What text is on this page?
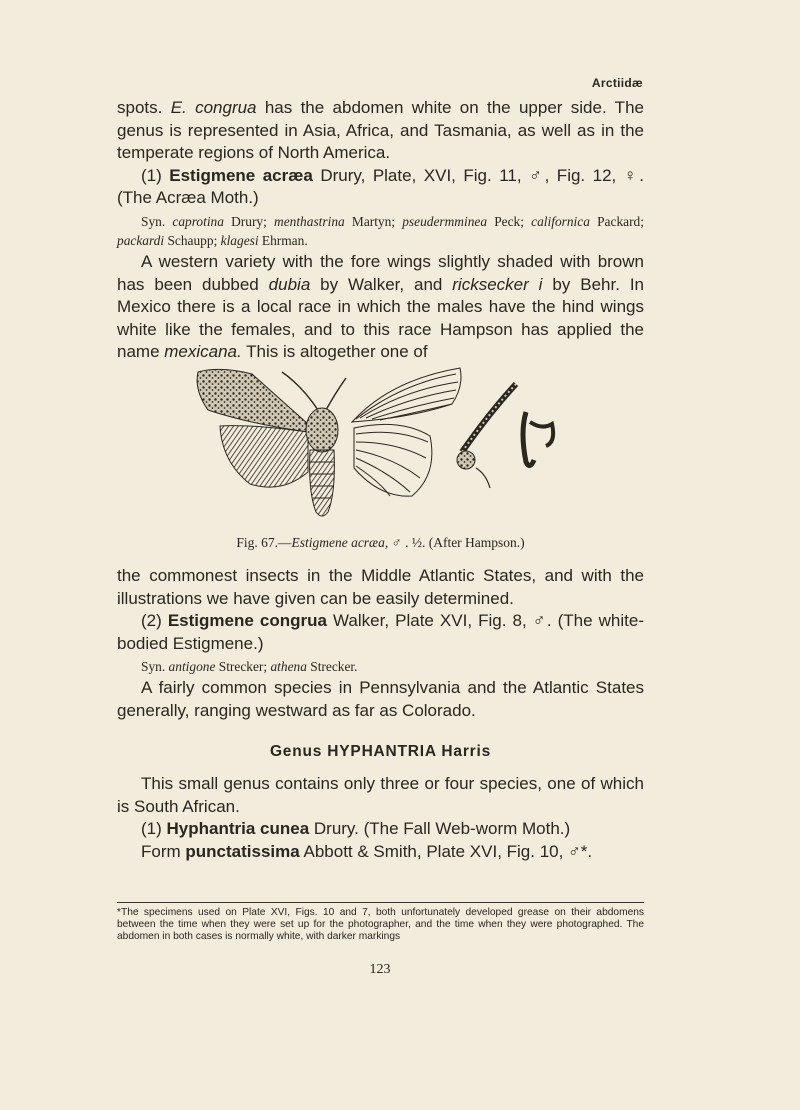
Arctiidæ

spots. E. congrua has the abdomen white on the upper side. The genus is represented in Asia, Africa, and Tasmania, as well as in the temperate regions of North America.

(1) Estigmene acræa Drury, Plate, XVI, Fig. 11, ♂, Fig. 12, ♀. (The Acræa Moth.)

Syn. caprotina Drury; menthastrina Martyn; pseudermminea Peck; californica Packard; packardi Schaupp; klagesi Ehrman.

A western variety with the fore wings slightly shaded with brown has been dubbed dubia by Walker, and ricksecker i by Behr. In Mexico there is a local race in which the males have the hind wings white like the females, and to this race Hampson has applied the name mexicana. This is altogether one of

Fig. 67.—Estigmene acræa, ♂ . ½. (After Hampson.)

the commonest insects in the Middle Atlantic States, and with the illustrations we have given can be easily determined.

(2) Estigmene congrua Walker, Plate XVI, Fig. 8, ♂. (The white-bodied Estigmene.)

Syn. antigone Strecker; athena Strecker.

A fairly common species in Pennsylvania and the Atlantic States generally, ranging westward as far as Colorado.

Genus HYPHANTRIA Harris

This small genus contains only three or four species, one of which is South African.

(1) Hyphantria cunea Drury. (The Fall Web-worm Moth.)

Form punctatissima Abbott & Smith, Plate XVI, Fig. 10, ♂*.

*The specimens used on Plate XVI, Figs. 10 and 7, both unfortunately developed grease on their abdomens between the time when they were set up for the photographer, and the time when they were photographed. The abdomen in both cases is normally white, with darker markings
123
